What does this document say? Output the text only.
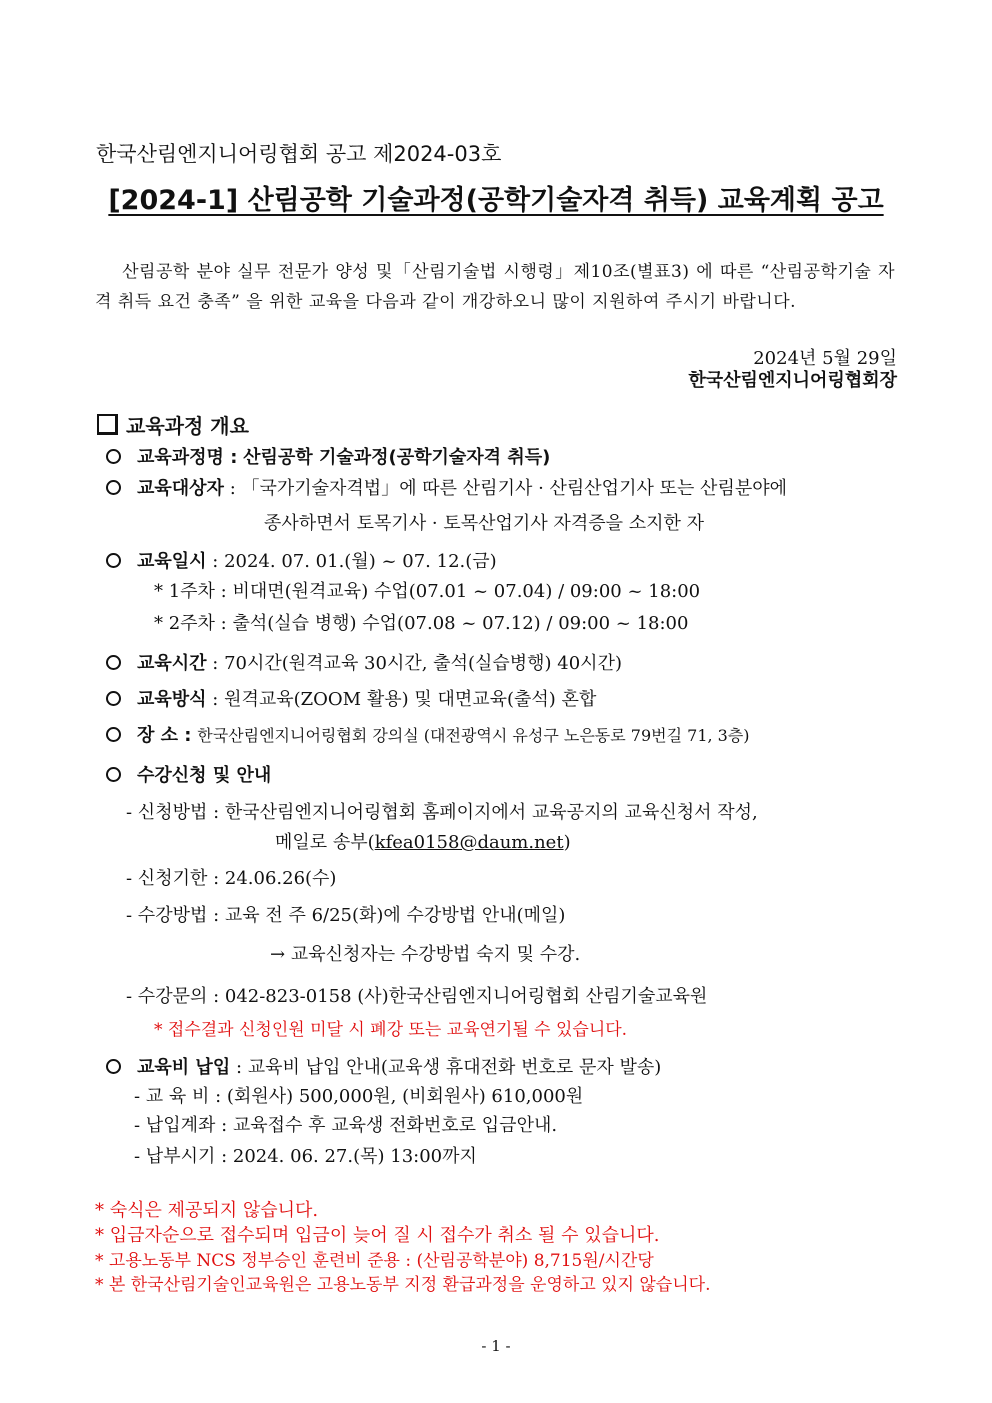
한국산림엔지니어링협회 공고 제2024-03호
[2024-1] 산림공학 기술과정(공학기술자격 취득) 교육계획 공고
산림공학 분야 실무 전문가 양성 및「산림기술법 시행령」제10조(별표3) 에 따른 “산림공학기술 자격 취득 요건 충족” 을 위한 교육을 다음과 같이 개강하오니 많이 지원하여 주시기 바랍니다.
2024년 5월 29일
한국산림엔지니어링협회장
교육과정 개요
교육과정명 : 산림공학 기술과정(공학기술자격 취득)
교육대상자 : 「국가기술자격법」에 따른 산림기사 · 산림산업기사 또는 산림분야에
종사하면서 토목기사 · 토목산업기사 자격증을 소지한 자
교육일시 : 2024. 07. 01.(월) ~ 07. 12.(금)
* 1주차 : 비대면(원격교육) 수업(07.01 ~ 07.04) / 09:00 ~ 18:00
* 2주차 : 출석(실습 병행) 수업(07.08 ~ 07.12) / 09:00 ~ 18:00
교육시간 : 70시간(원격교육 30시간, 출석(실습병행) 40시간)
교육방식 : 원격교육(ZOOM 활용) 및 대면교육(출석) 혼합
장 소 : 한국산림엔지니어링협회 강의실 (대전광역시 유성구 노은동로 79번길 71, 3층)
수강신청 및 안내
- 신청방법 : 한국산림엔지니어링협회 홈페이지에서 교육공지의 교육신청서 작성,
메일로 송부(kfea0158@daum.net)
- 신청기한 : 24.06.26(수)
- 수강방법 : 교육 전 주 6/25(화)에 수강방법 안내(메일)
→ 교육신청자는 수강방법 숙지 및 수강.
- 수강문의 : 042-823-0158 (사)한국산림엔지니어링협회 산림기술교육원
* 접수결과 신청인원 미달 시 폐강 또는 교육연기될 수 있습니다.
교육비 납입 : 교육비 납입 안내(교육생 휴대전화 번호로 문자 발송)
- 교 육 비 : (회원사) 500,000원, (비회원사) 610,000원
- 납입계좌 : 교육접수 후 교육생 전화번호로 입금안내.
- 납부시기 : 2024. 06. 27.(목) 13:00까지
* 숙식은 제공되지 않습니다.
* 입금자순으로 접수되며 입금이 늦어 질 시 접수가 취소 될 수 있습니다.
* 고용노동부 NCS 정부승인 훈련비 준용 : (산림공학분야) 8,715원/시간당
* 본 한국산림기술인교육원은 고용노동부 지정 환급과정을 운영하고 있지 않습니다.
- 1 -
